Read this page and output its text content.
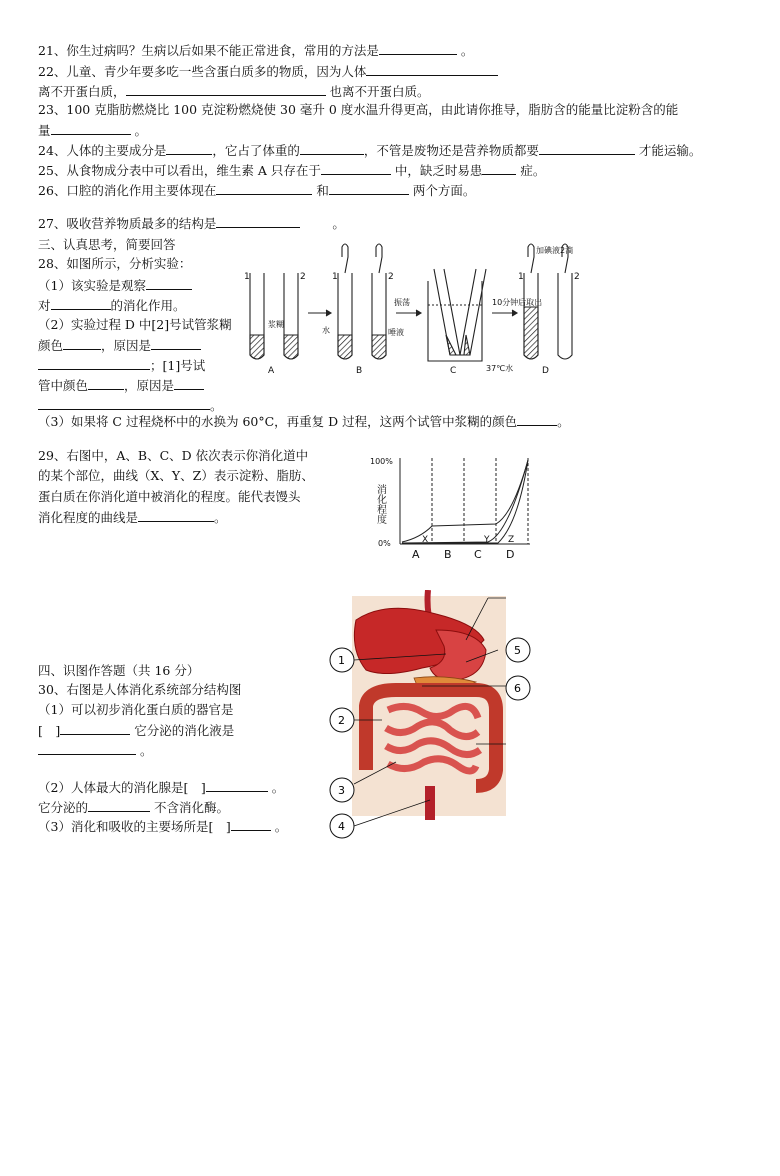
21、你生过病吗？生病以后如果不能正常进食，常用的方法是	。
22、儿童、青少年要多吃一些含蛋白质多的物质，因为人体
离不开蛋白质，	也离不开蛋白质。
23、100 克脂肪燃烧比 100 克淀粉燃烧使 30 毫升 0 度水温升得更高，由此请你推导，脂肪含的能量比淀粉含的能
量	。
24、人体的主要成分是	，它占了体重的	，不管是废物还是营养物质都要	才能运输。
25、从食物成分表中可以看出，维生素 A 只存在于	中，缺乏时易患	症。
26、口腔的消化作用主要体现在	和	两个方面。
27、吸收营养物质最多的结构是	。
三、认真思考，简要回答
28、如图所示，分析实验：
（1）该实验是观察
对	的消化作用。
（2）实验过程 D 中[2]号试管浆糊
颜色	，原因是
；[1]号试
管中颜色	，原因是
。
（3）如果将 C 过程烧杯中的水换为 60°C，再重复 D 过程，这两个试管中浆糊的颜色	。
1	2
浆糊
1	2
水	唾液
振荡
37℃水
10分钟后取出
1	2
加碘液2滴
A	B	C	D
29、右图中，A、B、C、D 依次表示你消化道中
的某个部位，曲线（X、Y、Z）表示淀粉、脂肪、
蛋白质在你消化道中被消化的程度。能代表馒头
消化程度的曲线是	。
100%
0%
消化程度
X	Y Z
A B C D
四、识图作答题（共 16 分）
30、右图是人体消化系统部分结构图
（1）可以初步消化蛋白质的器官是
[　]	它分泌的消化液是
。
（2）人体最大的消化腺是[　]	。
它分泌的	不含消化酶。
（3）消化和吸收的主要场所是[　]	。
1
2
3
4
5
6
